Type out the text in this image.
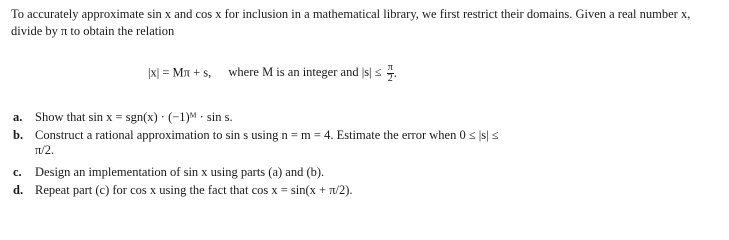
To accurately approximate sin x and cos x for inclusion in a mathematical library, we first restrict their domains. Given a real number x, divide by π to obtain the relation

|x| = Mπ + s, where M is an integer and $|s| \le \frac{\pi}{2}$ .
a. Show that sin x = sgn(x) · (−1)ᴹ · sin s.
b. Construct a rational approximation to sin s using n = m = 4. Estimate the error when 0 ≤ |s| ≤
π/2.
c. Design an implementation of sin x using parts (a) and (b).
d. Repeat part (c) for cos x using the fact that cos x = sin(x + π/2).
